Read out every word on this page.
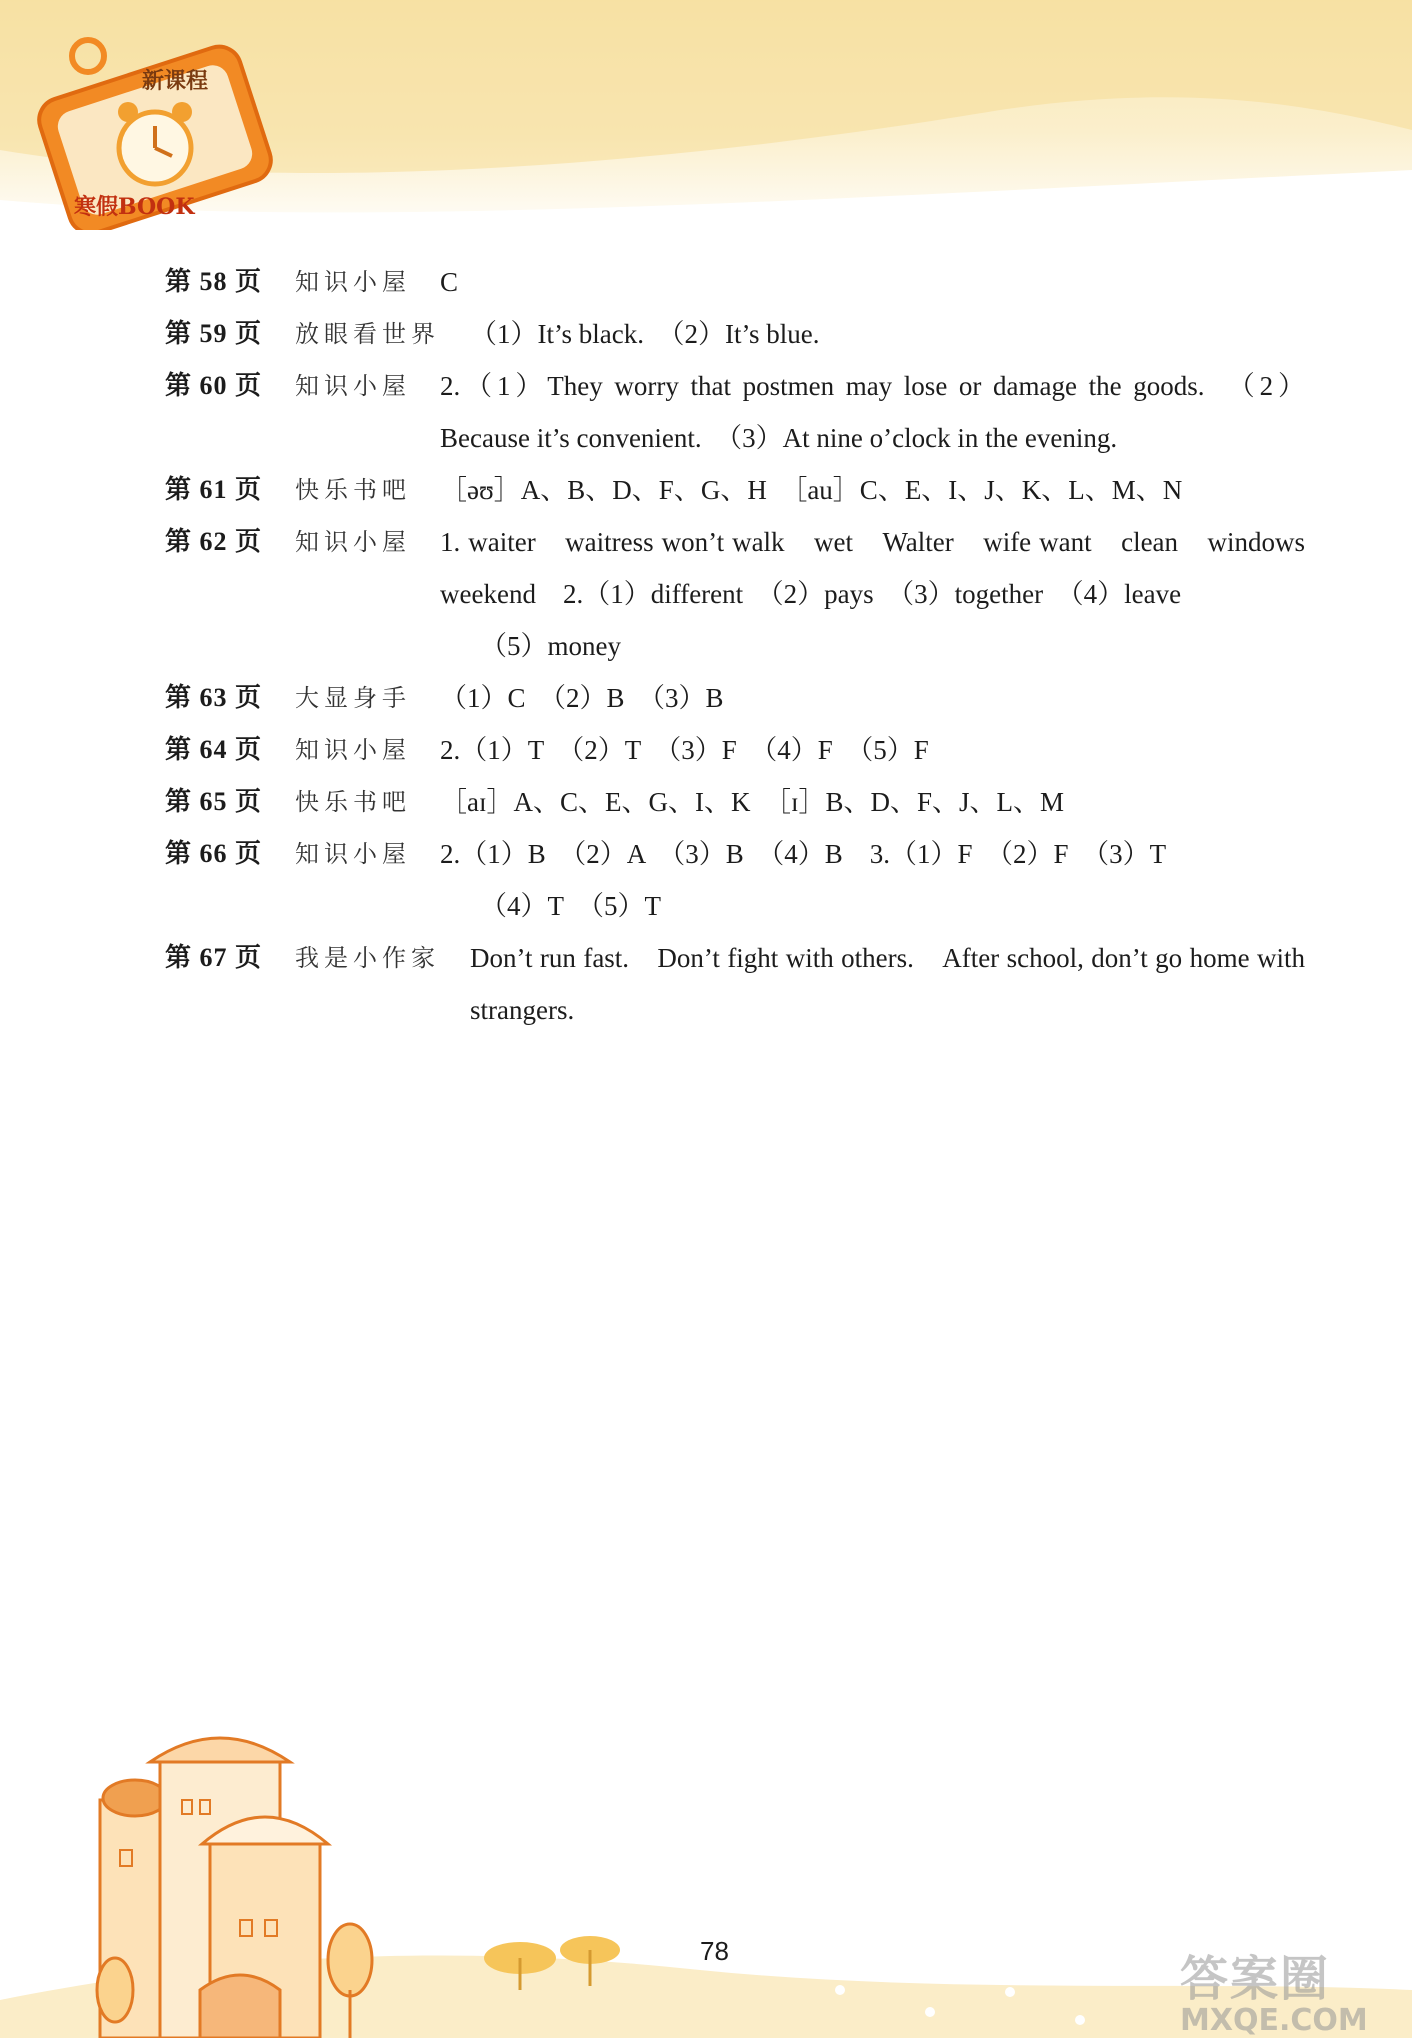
新课程
寒假BOOK
第 58 页	知识小屋	C
第 59 页	放眼看世界	（1）It’s black.　（2）It’s blue.
第 60 页	知识小屋	2.（1）They worry that postmen may lose or damage the goods.　（2）Because it’s convenient.　（3）At nine o’clock in the evening.
第 61 页	快乐书吧	［əʊ］A、B、D、F、G、H　［au］C、E、I、J、K、L、M、N
第 62 页	知识小屋	1. waiter　waitress won’t walk　wet　Walter　wife want　clean　windows weekend　2.（1）different　（2）pays　（3）together　（4）leave
（5）money
第 63 页	大显身手	（1）C　（2）B　（3）B
第 64 页	知识小屋	2.（1）T　（2）T　（3）F　（4）F　（5）F
第 65 页	快乐书吧	［aɪ］A、C、E、G、I、K　［ɪ］B、D、F、J、L、M
第 66 页	知识小屋	2.（1）B　（2）A　（3）B　（4）B　3.（1）F　（2）F　（3）T
（4）T　（5）T
第 67 页	我是小作家	Don’t run fast.　Don’t fight with others.　After school, don’t go home with strangers.
78	答案圈
MXQE.COM
